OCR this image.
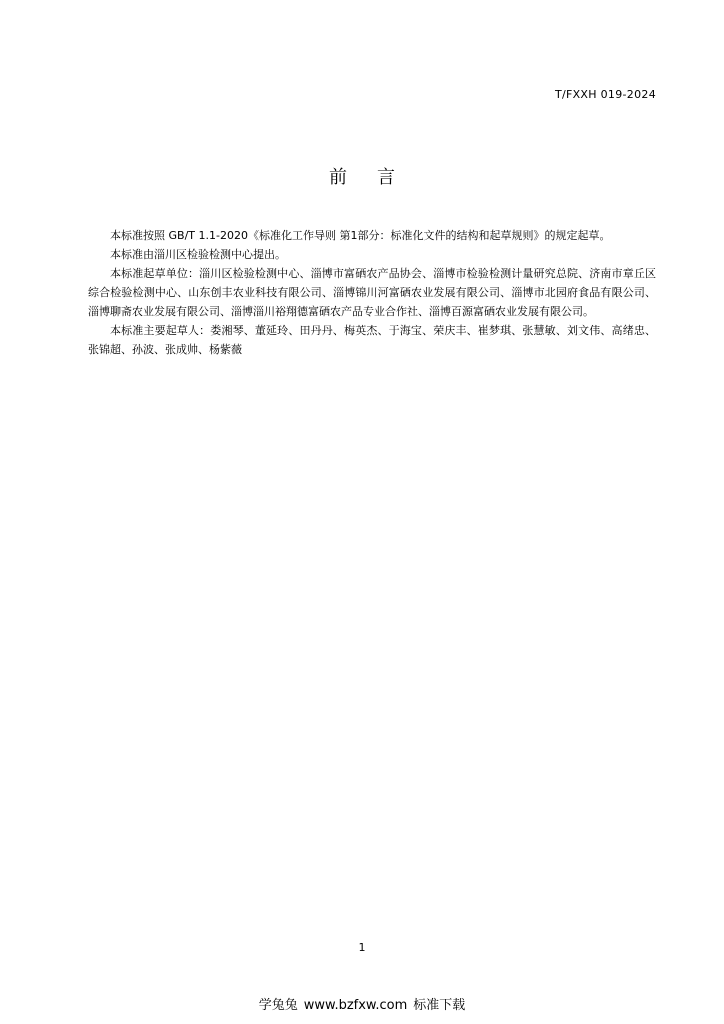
T/FXXH 019-2024
前言

本标准按照 GB/T 1.1-2020《标准化工作导则 第1部分：标准化文件的结构和起草规则》的规定起草。

本标准由淄川区检验检测中心提出。

本标准起草单位：淄川区检验检测中心、淄博市富硒农产品协会、淄博市检验检测计量研究总院、济南市章丘区综合检验检测中心、山东创丰农业科技有限公司、淄博锦川河富硒农业发展有限公司、淄博市北园府食品有限公司、淄博聊斋农业发展有限公司、淄博淄川裕翔德富硒农产品专业合作社、淄博百源富硒农业发展有限公司。

本标准主要起草人：娄湘琴、董延玲、田丹丹、梅英杰、于海宝、荣庆丰、崔梦琪、张慧敏、刘文伟、高绪忠、张锦超、孙波、张成帅、杨紫薇

1
学兔兔 www.bzfxw.com 标准下载
